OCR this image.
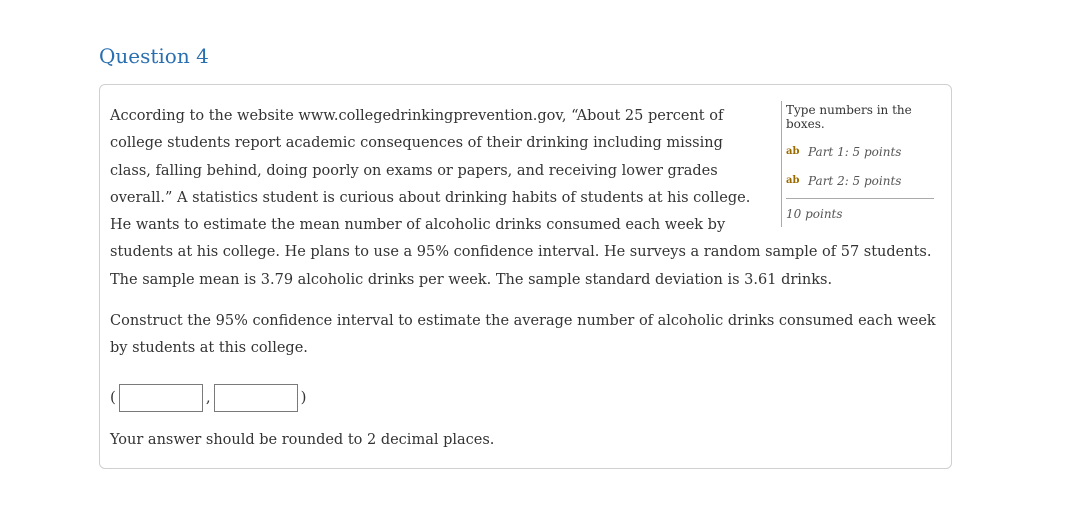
Question 4
Type numbers in the boxes.
ab Part 1: 5 points
ab Part 2: 5 points
10 points

According to the website www.collegedrinkingprevention.gov, “About 25 percent of college students report academic consequences of their drinking including missing class, falling behind, doing poorly on exams or papers, and receiving lower grades overall.” A statistics student is curious about drinking habits of students at his college. He wants to estimate the mean number of alcoholic drinks consumed each week by students at his college. He plans to use a 95% confidence interval. He surveys a random sample of 57 students. The sample mean is 3.79 alcoholic drinks per week. The sample standard deviation is 3.61 drinks.

Construct the 95% confidence interval to estimate the average number of alcoholic drinks consumed each week by students at this college.

(	,	)
Your answer should be rounded to 2 decimal places.
